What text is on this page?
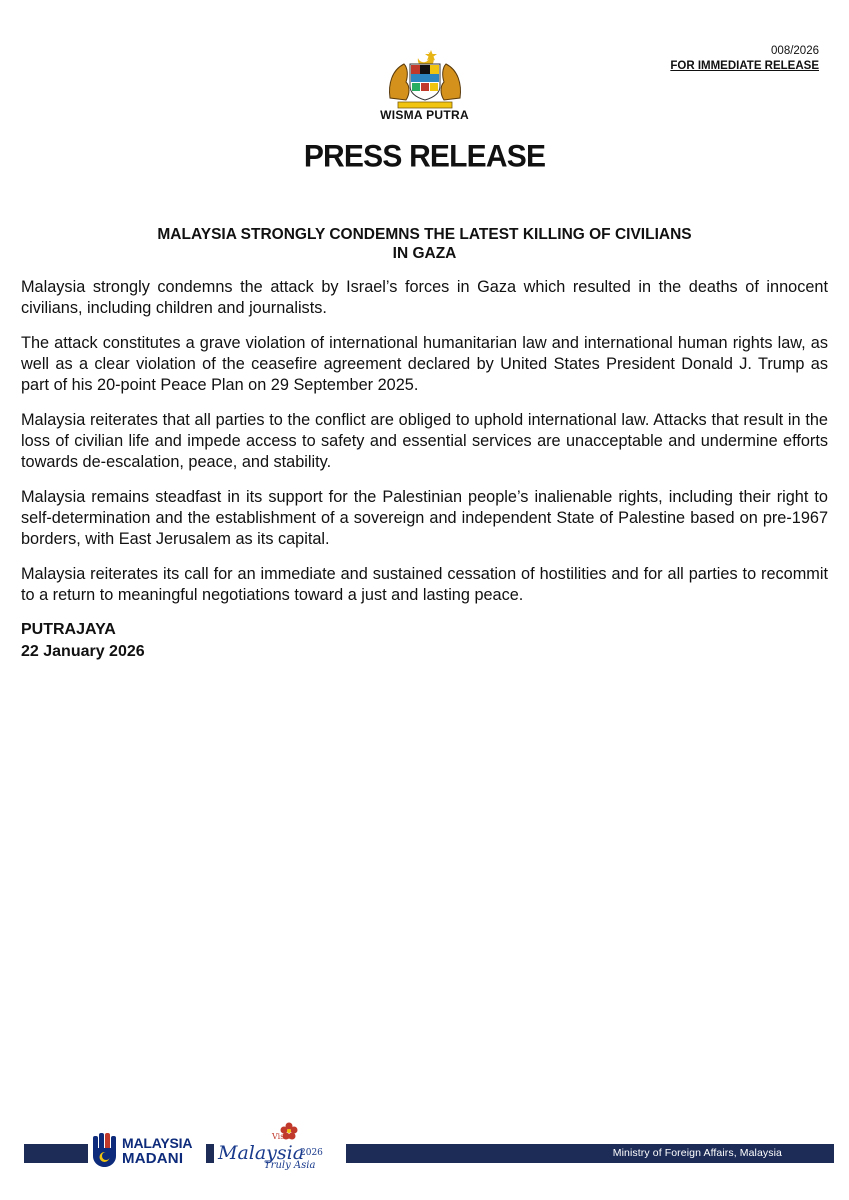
008/2026
FOR IMMEDIATE RELEASE
WISMA PUTRA
PRESS RELEASE
MALAYSIA STRONGLY CONDEMNS THE LATEST KILLING OF CIVILIANS
IN GAZA

Malaysia strongly condemns the attack by Israel’s forces in Gaza which resulted in the deaths of innocent civilians, including children and journalists.

The attack constitutes a grave violation of international humanitarian law and international human rights law, as well as a clear violation of the ceasefire agreement declared by United States President Donald J. Trump as part of his 20-point Peace Plan on 29 September 2025.

Malaysia reiterates that all parties to the conflict are obliged to uphold international law. Attacks that result in the loss of civilian life and impede access to safety and essential services are unacceptable and undermine efforts towards de-escalation, peace, and stability.

Malaysia remains steadfast in its support for the Palestinian people’s inalienable rights, including their right to self-determination and the establishment of a sovereign and independent State of Palestine based on pre-1967 borders, with East Jerusalem as its capital.

Malaysia reiterates its call for an immediate and sustained cessation of hostilities and for all parties to recommit to a return to meaningful negotiations toward a just and lasting peace.

PUTRAJAYA
22 January 2026
Ministry of Foreign Affairs, Malaysia
MALAYSIA
MADANI
Visit
Malaysia
2026
Truly Asia
